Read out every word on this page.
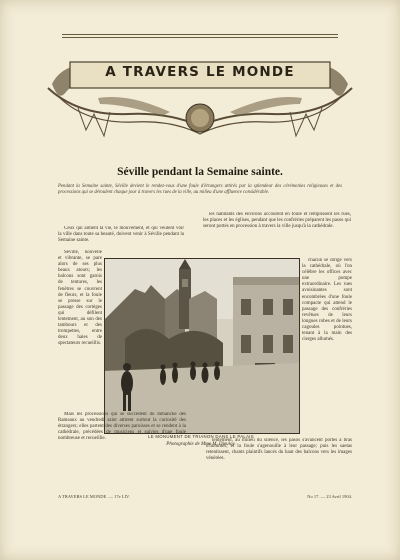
A TRAVERS LE MONDE
Séville pendant la Semaine sainte.
Pendant la Semaine sainte, Séville devient le rendez-vous d'une foule d'étrangers attirés par la splendeur des cérémonies religieuses et des processions qui se déroulent chaque jour à travers les rues de la ville, au milieu d'une affluence considérable.

Ceux qui aiment la vie, le mouvement, et qui veulent voir la ville dans toute sa beauté, doivent venir à Séville pendant la Semaine sainte.

les habitants des environs accourent en foule et remplissent les rues, les places et les églises, pendant que les confréries préparent les pasos qui seront portés en procession à travers la ville jusqu'à la cathédrale.

Séville, nouvelle et vibrante, se pare alors de ses plus beaux atours; les balcons sont garnis de tentures, les fenêtres se couvrent de fleurs, et la foule se presse sur le passage des cortèges qui défilent lentement, au son des tambours et des trompettes, entre deux haies de spectateurs recueillis.

LE MONUMENT DE TRIANON DANS LE PALAIS
Photographie de Mme M. Dieuloy.

chacun se dirige vers la cathédrale, où l'on célèbre les offices avec une pompe extraordinaire. Les rues avoisinantes sont encombrées d'une foule compacte qui attend le passage des confréries revêtues de leurs longues robes et de leurs cagoules pointues, tenant à la main des cierges allumés.

Mais les processions qui se succèdent du dimanche des Rameaux au vendredi saint attirent surtout la curiosité des étrangers; elles partent des diverses paroisses et se rendent à la cathédrale, précédées de musiciens et suivies d'une foule nombreuse et recueillie.	lentement, au milieu du silence, les pasos s'avancent portés à bras d'hommes, et la foule s'agenouille à leur passage; puis les saetas retentissent, chants plaintifs lancés du haut des balcons vers les images vénérées.

A TRAVERS LE MONDE. — 17e LIV.	No 17. — 23 Avril 1904.
